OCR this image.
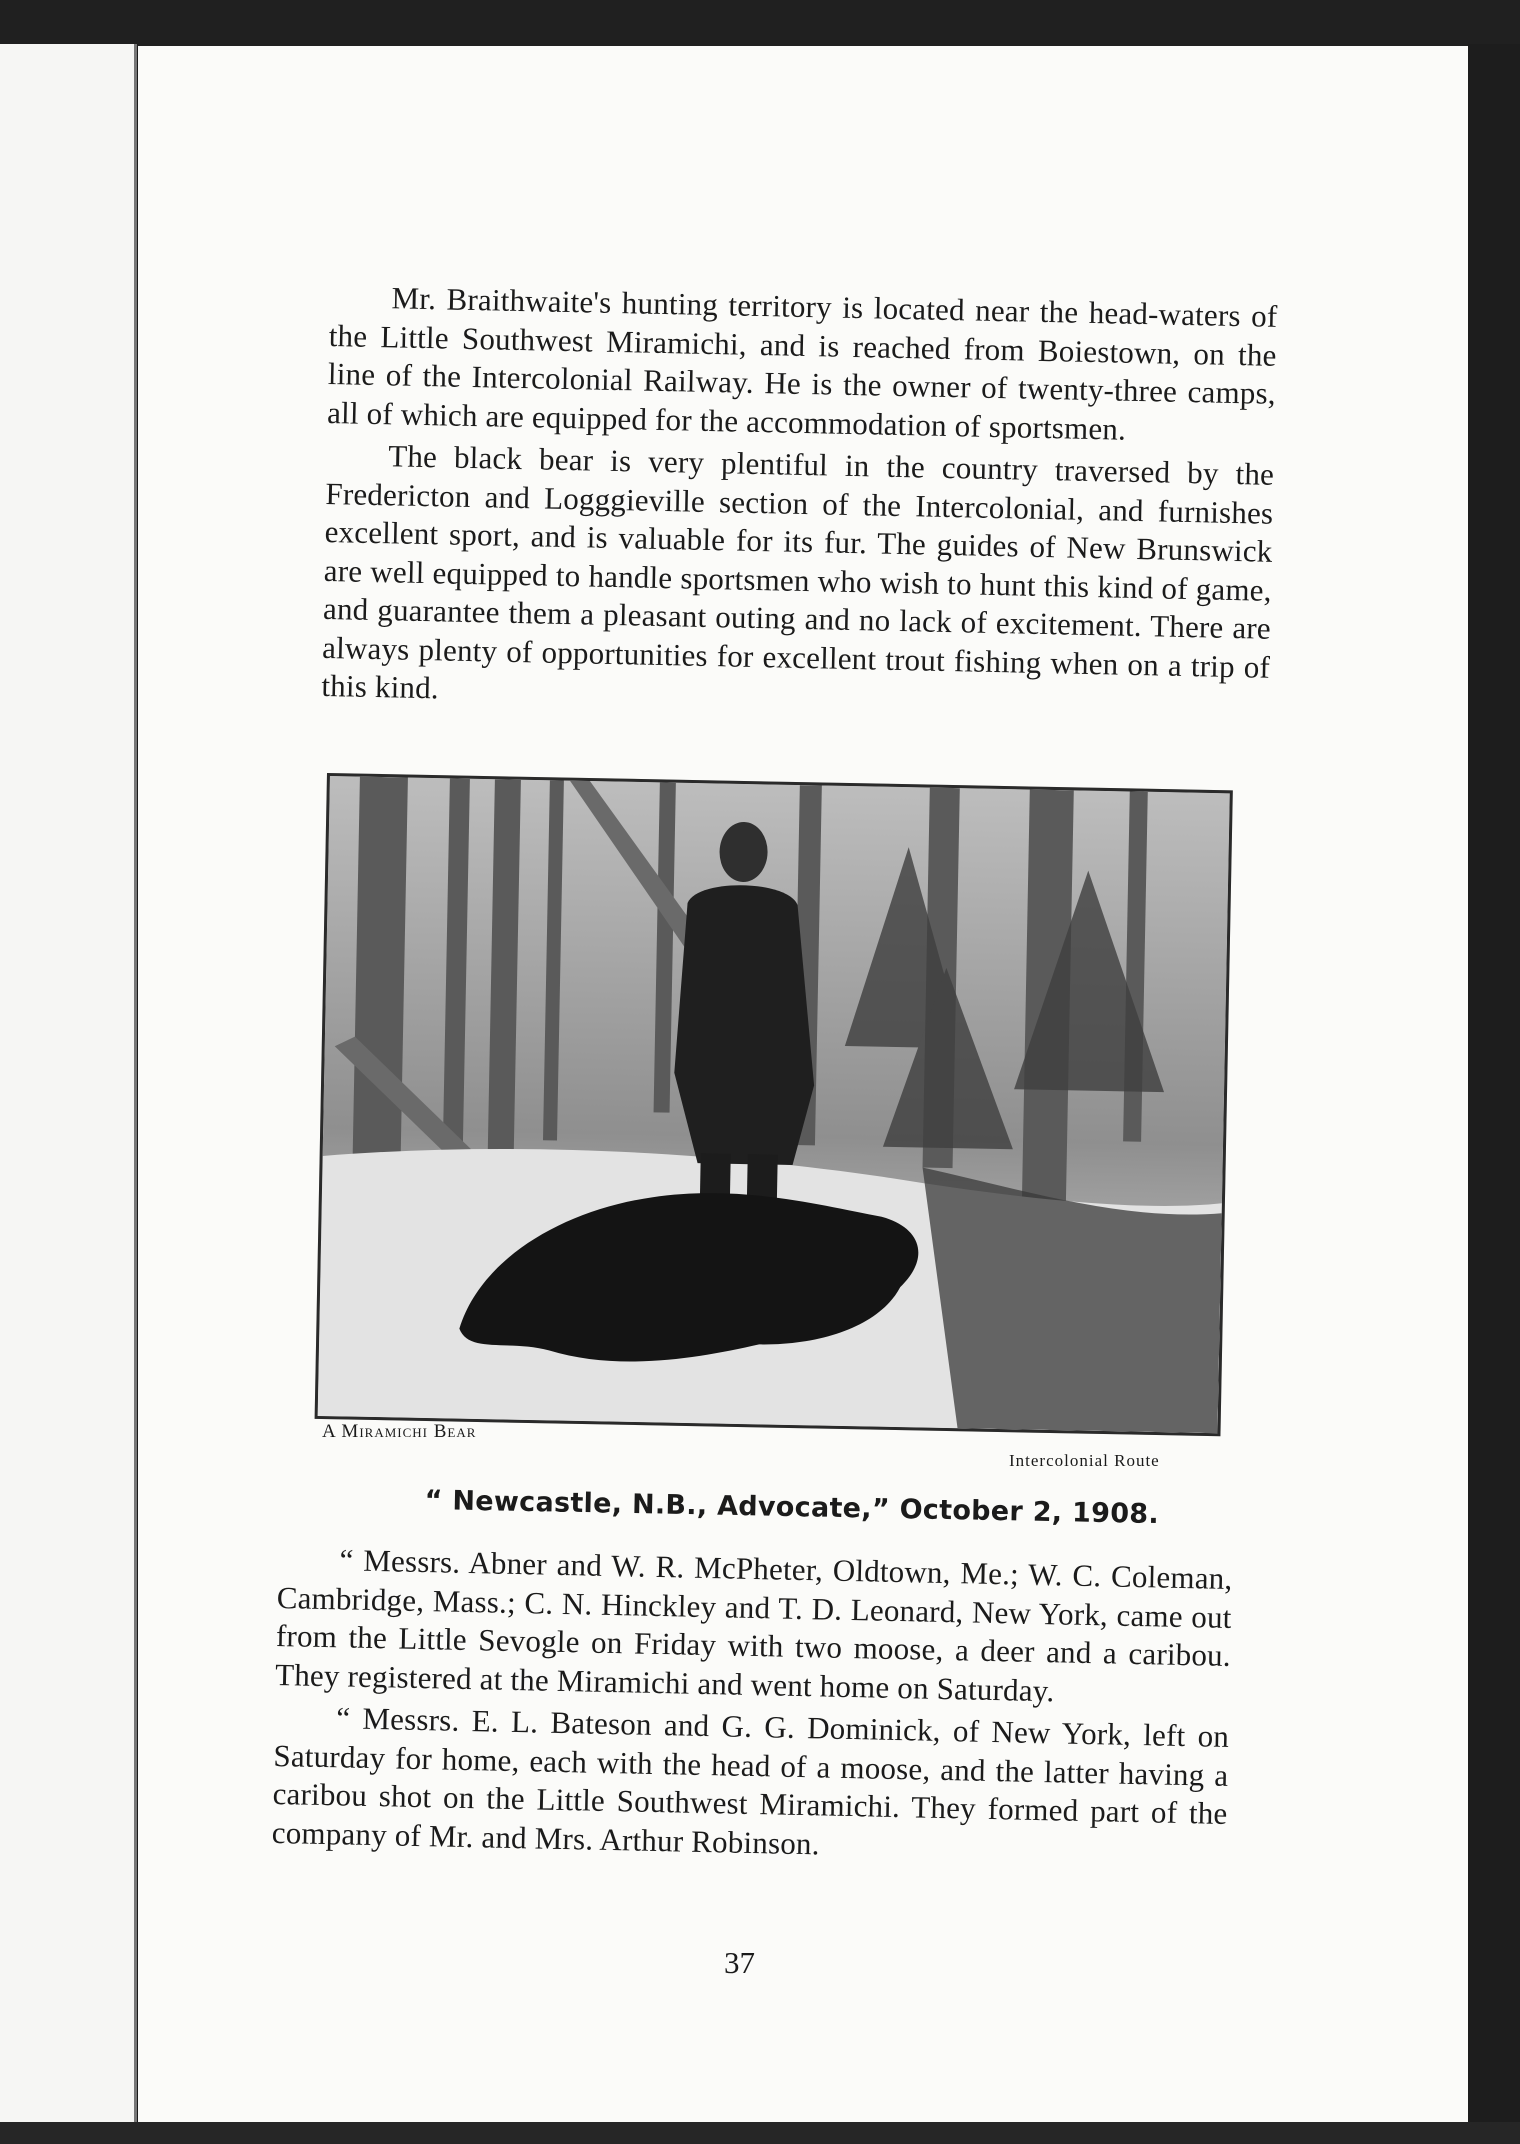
Mr. Braithwaite's hunting territory is located near the head-waters of the Little Southwest Miramichi, and is reached from Boiestown, on the line of the Intercolonial Railway. He is the owner of twenty-three camps, all of which are equipped for the accommodation of sportsmen.

The black bear is very plentiful in the country traversed by the Fredericton and Logggieville section of the Intercolonial, and furnishes excellent sport, and is valuable for its fur. The guides of New Brunswick are well equipped to handle sportsmen who wish to hunt this kind of game, and guarantee them a pleasant outing and no lack of excitement. There are always plenty of opportunities for excellent trout fishing when on a trip of this kind.

A Miramichi Bear
Intercolonial Route
“ Newcastle, N.B., Advocate,” October 2, 1908.

“ Messrs. Abner and W. R. McPheter, Oldtown, Me.; W. C. Coleman, Cambridge, Mass.; C. N. Hinckley and T. D. Leonard, New York, came out from the Little Sevogle on Friday with two moose, a deer and a caribou. They registered at the Miramichi and went home on Saturday.

“ Messrs. E. L. Bateson and G. G. Dominick, of New York, left on Saturday for home, each with the head of a moose, and the latter having a caribou shot on the Little Southwest Miramichi. They formed part of the company of Mr. and Mrs. Arthur Robinson.

37
